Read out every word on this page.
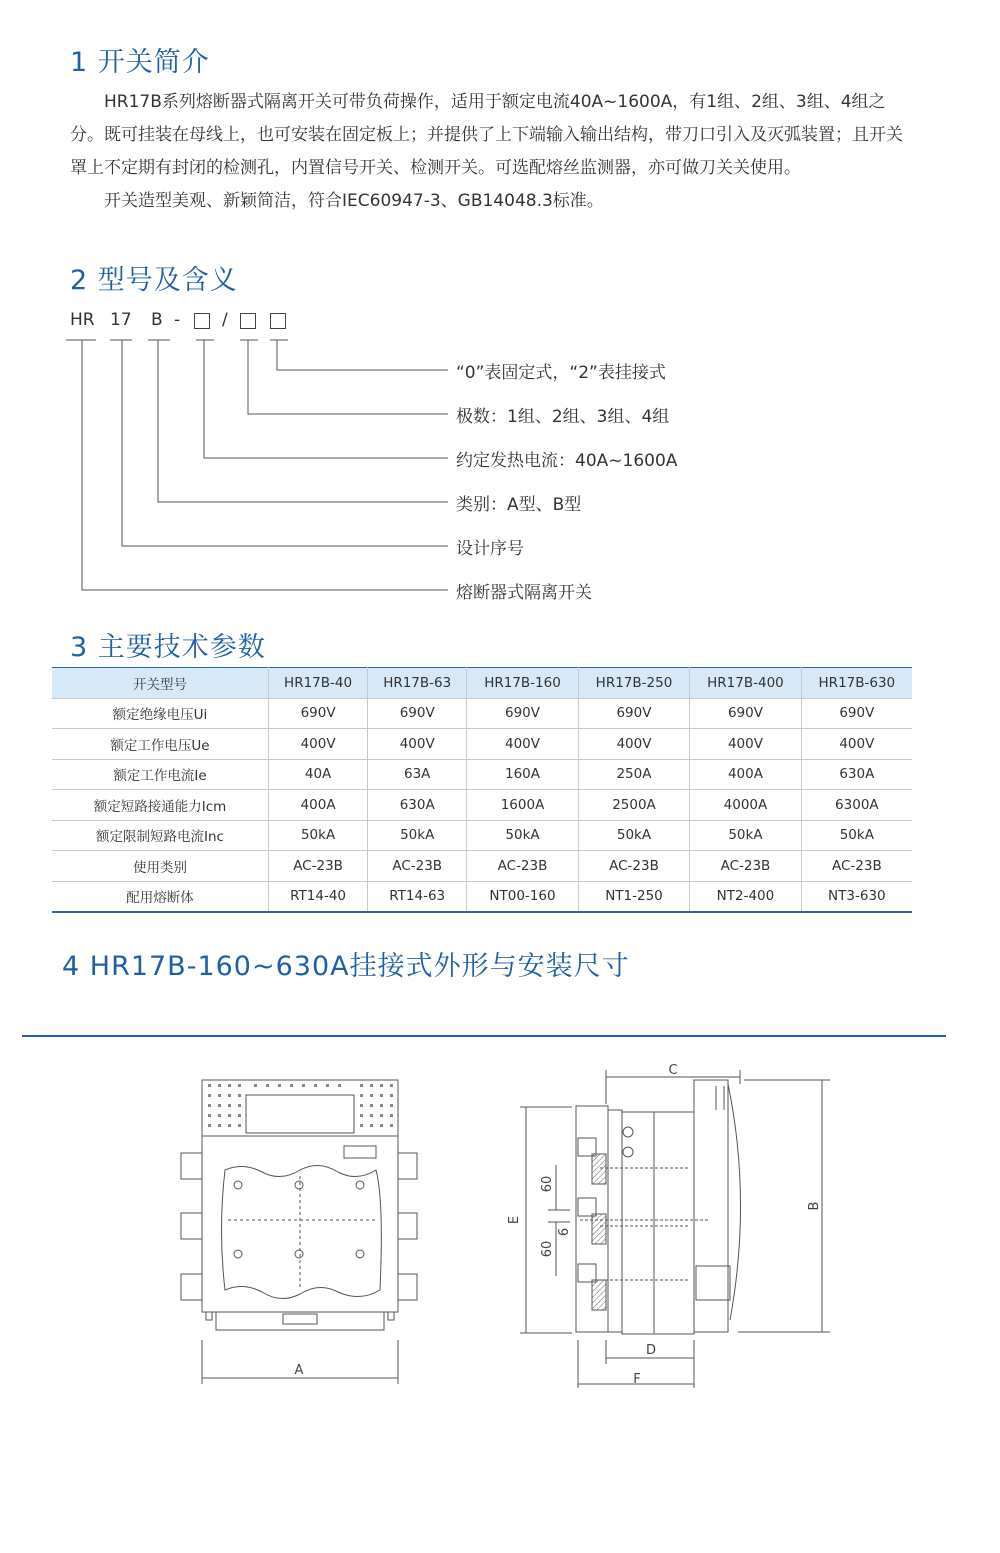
1 开关简介
HR17B系列熔断器式隔离开关可带负荷操作，适用于额定电流40A~1600A，有1组、2组、3组、4组之分。既可挂装在母线上，也可安装在固定板上；并提供了上下端输入输出结构，带刀口引入及灭弧装置；且开关罩上不定期有封闭的检测孔，内置信号开关、检测开关。可选配熔丝监测器，亦可做刀关关使用。
开关造型美观、新颖简洁，符合IEC60947-3、GB14048.3标准。
2 型号及含义
HR 17 B - /
“0”表固定式，“2”表挂接式
极数：1组、2组、3组、4组
约定发热电流：40A~1600A
类别：A型、B型
设计序号
熔断器式隔离开关
3 主要技术参数
开关型号	HR17B-40	HR17B-63	HR17B-160	HR17B-250	HR17B-400	HR17B-630
额定绝缘电压Ui	690V	690V	690V	690V	690V	690V
额定工作电压Ue	400V	400V	400V	400V	400V	400V
额定工作电流Ie	40A	63A	160A	250A	400A	630A
额定短路接通能力Icm	400A	630A	1600A	2500A	4000A	6300A
额定限制短路电流Inc	50kA	50kA	50kA	50kA	50kA	50kA
使用类别	AC-23B	AC-23B	AC-23B	AC-23B	AC-23B	AC-23B
配用熔断体	RT14-40	RT14-63	NT00-160	NT1-250	NT2-400	NT3-630
4 HR17B-160~630A挂接式外形与安装尺寸
A
C
D
F
E
B
60
6
60
